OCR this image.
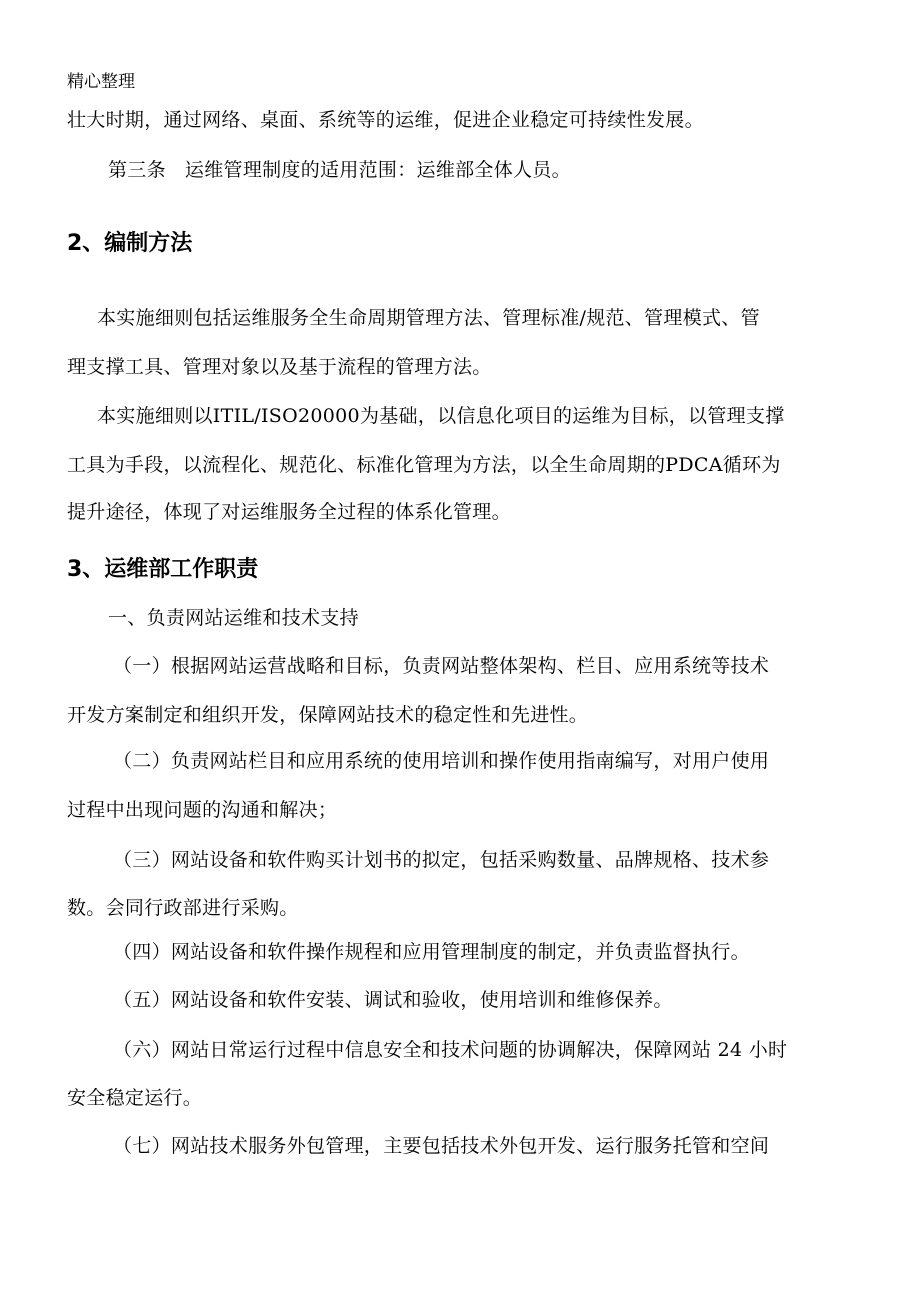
精心整理
壮大时期，通过网络、桌面、系统等的运维，促进企业稳定可持续性发展。
第三条   运维管理制度的适用范围：运维部全体人员。
2、编制方法
本实施细则包括运维服务全生命周期管理方法、管理标准/规范、管理模式、管
理支撑工具、管理对象以及基于流程的管理方法。
本实施细则以ITIL/ISO20000为基础，以信息化项目的运维为目标，以管理支撑
工具为手段，以流程化、规范化、标准化管理为方法，以全生命周期的PDCA循环为
提升途径，体现了对运维服务全过程的体系化管理。
3、运维部工作职责
一、负责网站运维和技术支持
（一）根据网站运营战略和目标，负责网站整体架构、栏目、应用系统等技术
开发方案制定和组织开发，保障网站技术的稳定性和先进性。
（二）负责网站栏目和应用系统的使用培训和操作使用指南编写，对用户使用
过程中出现问题的沟通和解决；
（三）网站设备和软件购买计划书的拟定，包括采购数量、品牌规格、技术参
数。会同行政部进行采购。
（四）网站设备和软件操作规程和应用管理制度的制定，并负责监督执行。
（五）网站设备和软件安装、调试和验收，使用培训和维修保养。
（六）网站日常运行过程中信息安全和技术问题的协调解决，保障网站 24 小时
安全稳定运行。
（七）网站技术服务外包管理，主要包括技术外包开发、运行服务托管和空间
